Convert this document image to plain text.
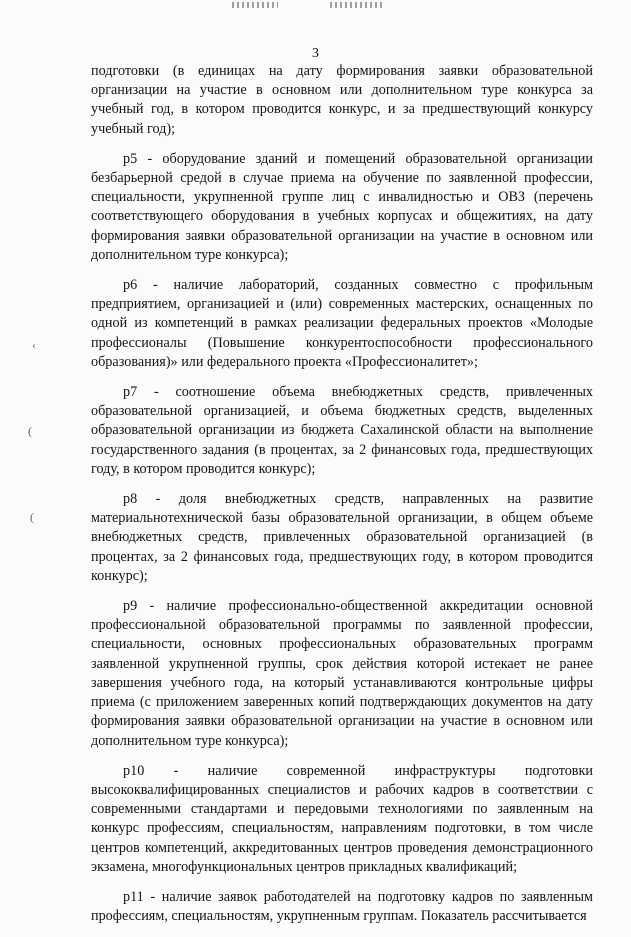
3
‹
(
(

подготовки (в единицах на дату формирования заявки образовательной организации на участие в основном или дополнительном туре конкурса за учебный год, в котором проводится конкурс, и за предшествующий конкурсу учебный год);

р5 - оборудование зданий и помещений образовательной организации безбарьерной средой в случае приема на обучение по заявленной профессии, специальности, укрупненной группе лиц с инвалидностью и ОВЗ (перечень соответствующего оборудования в учебных корпусах и общежитиях, на дату формирования заявки образовательной организации на участие в основном или дополнительном туре конкурса);

р6 - наличие лабораторий, созданных совместно с профильным предприятием, организацией и (или) современных мастерских, оснащенных по одной из компетенций в рамках реализации федеральных проектов «Молодые профессионалы (Повышение конкурентоспособности профессионального образования)» или федерального проекта «Профессионалитет»;

р7 - соотношение объема внебюджетных средств, привлеченных образовательной организацией, и объема бюджетных средств, выделенных образовательной организации из бюджета Сахалинской области на выполнение государственного задания (в процентах, за 2 финансовых года, предшествующих году, в котором проводится конкурс);

р8 - доля внебюджетных средств, направленных на развитие материальнотехнической базы образовательной организации, в общем объеме внебюджетных средств, привлеченных образовательной организацией (в процентах, за 2 финансовых года, предшествующих году, в котором проводится конкурс);

р9 - наличие профессионально-общественной аккредитации основной профессиональной образовательной программы по заявленной профессии, специальности, основных профессиональных образовательных программ заявленной укрупненной группы, срок действия которой истекает не ранее завершения учебного года, на который устанавливаются контрольные цифры приема (с приложением заверенных копий подтверждающих документов на дату формирования заявки образовательной организации на участие в основном или дополнительном туре конкурса);

р10 - наличие современной инфраструктуры подготовки высококвалифицированных специалистов и рабочих кадров в соответствии с современными стандартами и передовыми технологиями по заявленным на конкурс профессиям, специальностям, направлениям подготовки, в том числе центров компетенций, аккредитованных центров проведения демонстрационного экзамена, многофункциональных центров прикладных квалификаций;

р11 - наличие заявок работодателей на подготовку кадров по заявленным профессиям, специальностям, укрупненным группам. Показатель рассчитывается
